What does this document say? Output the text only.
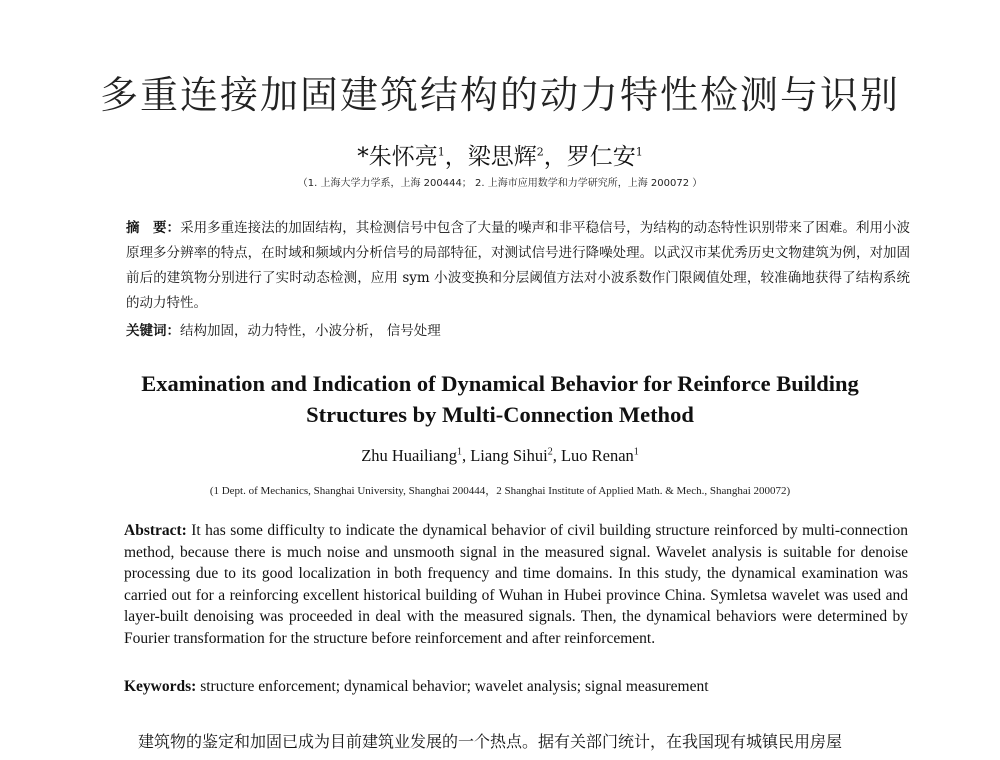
多重连接加固建筑结构的动力特性检测与识别
*朱怀亮$^1$，梁思辉$^2$，罗仁安$^1$
（1. 上海大学力学系，上海 200444； 2. 上海市应用数学和力学研究所，上海 200072 ）
摘　要：采用多重连接法的加固结构，其检测信号中包含了大量的噪声和非平稳信号，为结构的动态特性识别带来了困难。利用小波原理多分辨率的特点，在时域和频域内分析信号的局部特征，对测试信号进行降噪处理。以武汉市某优秀历史文物建筑为例，对加固前后的建筑物分别进行了实时动态检测，应用 sym 小波变换和分层阈值方法对小波系数作门限阈值处理，较准确地获得了结构系统的动力特性。
关键词：结构加固，动力特性，小波分析， 信号处理
Examination and Indication of Dynamical Behavior for Reinforce Building
Structures by Multi-Connection Method
Zhu Huailiang$^1$, Liang Sihui$^2$, Luo Renan$^1$
(1 Dept. of Mechanics, Shanghai University, Shanghai 200444，2 Shanghai Institute of Applied Math. & Mech., Shanghai 200072)
Abstract: It has some difficulty to indicate the dynamical behavior of civil building structure reinforced by multi-connection method, because there is much noise and unsmooth signal in the measured signal. Wavelet analysis is suitable for denoise processing due to its good localization in both frequency and time domains. In this study, the dynamical examination was carried out for a reinforcing excellent historical building of Wuhan in Hubei province China. Symletsa wavelet was used and layer-built denoising was proceeded in deal with the measured signals. Then, the dynamical behaviors were determined by Fourier transformation for the structure before reinforcement and after reinforcement.
Keywords: structure enforcement; dynamical behavior; wavelet analysis; signal measurement
建筑物的鉴定和加固已成为目前建筑业发展的一个热点。据有关部门统计，在我国现有城镇民用房屋
